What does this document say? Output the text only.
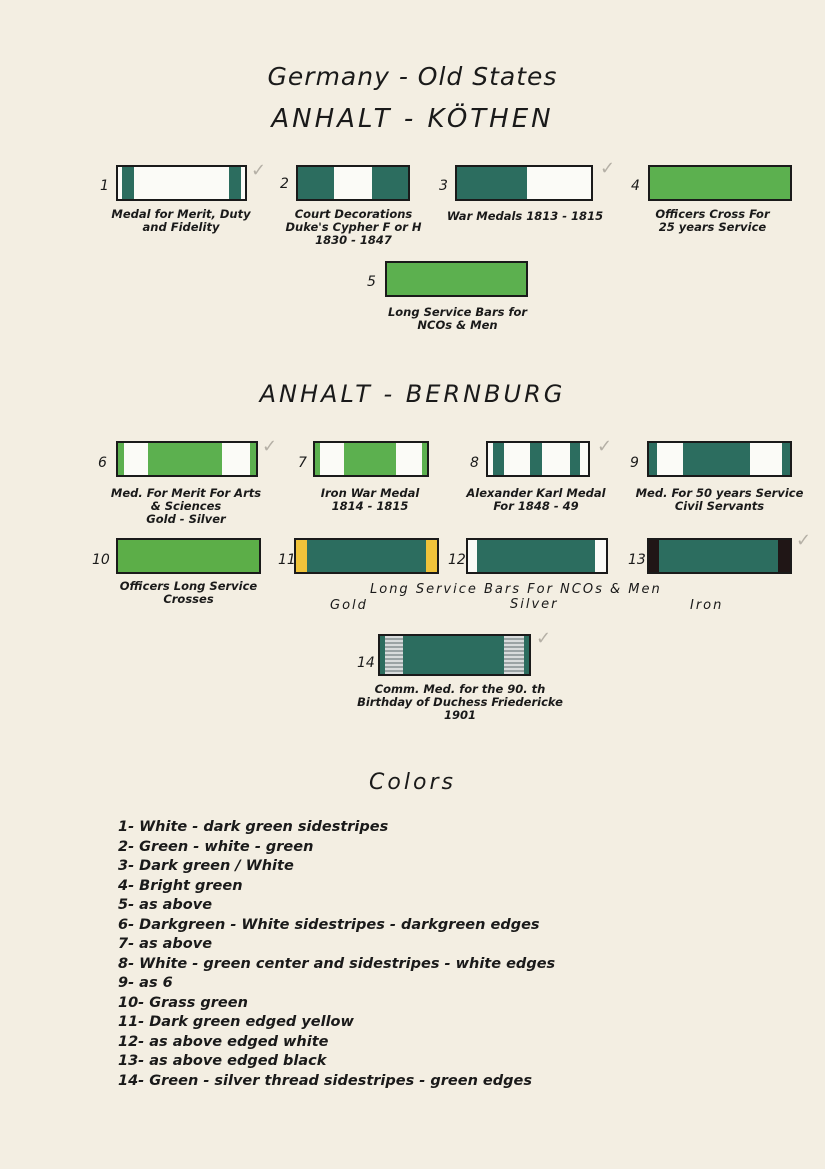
Germany - Old States
ANHALT - KÖTHEN
1
✓
Medal for Merit, Duty
and Fidelity
2
Court Decorations
Duke's Cypher F or H
1830 - 1847
3
✓
War Medals 1813 - 1815
4
Officers Cross For
25 years Service
5
Long Service Bars for
NCOs & Men
ANHALT - BERNBURG
6
✓
Med. For Merit For Arts
& Sciences
Gold - Silver
7
Iron War Medal
1814 - 1815
8
✓
Alexander Karl Medal
For 1848 - 49
9
Med. For 50 years Service
Civil Servants
10
Officers Long Service
Crosses
11	12	13
✓
Long Service Bars For NCOs & Men
Gold	Silver	Iron
14
✓
Comm. Med. for the 90. th
Birthday of Duchess Friedericke
1901
Colors
1- White - dark green sidestripes
2- Green - white - green
3- Dark green / White
4- Bright green
5- as above
6- Darkgreen - White sidestripes - darkgreen edges
7- as above
8- White - green center and sidestripes - white edges
9- as 6
10- Grass green
11- Dark green edged yellow
12- as above edged white
13- as above edged black
14- Green - silver thread sidestripes - green edges
